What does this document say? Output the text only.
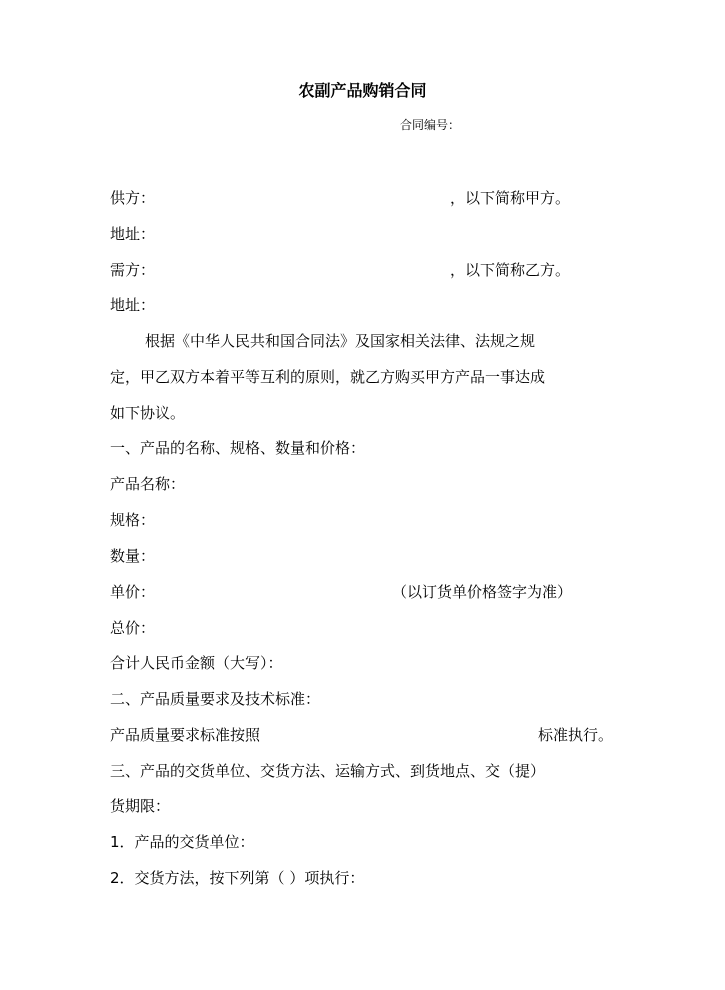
农副产品购销合同
合同编号：
供方：	，以下简称甲方。
地址：
需方：	，以下简称乙方。
地址：
根据《中华人民共和国合同法》及国家相关法律、法规之规
定，甲乙双方本着平等互利的原则，就乙方购买甲方产品一事达成
如下协议。
一、产品的名称、规格、数量和价格：
产品名称：
规格：
数量：
单价：	（以订货单价格签字为准）
总价：
合计人民币金额（大写）：
二、产品质量要求及技术标准：
产品质量要求标准按照	标准执行。
三、产品的交货单位、交货方法、运输方式、到货地点、交（提）
货期限：
1．产品的交货单位：
2．交货方法，按下列第（ ）项执行：
